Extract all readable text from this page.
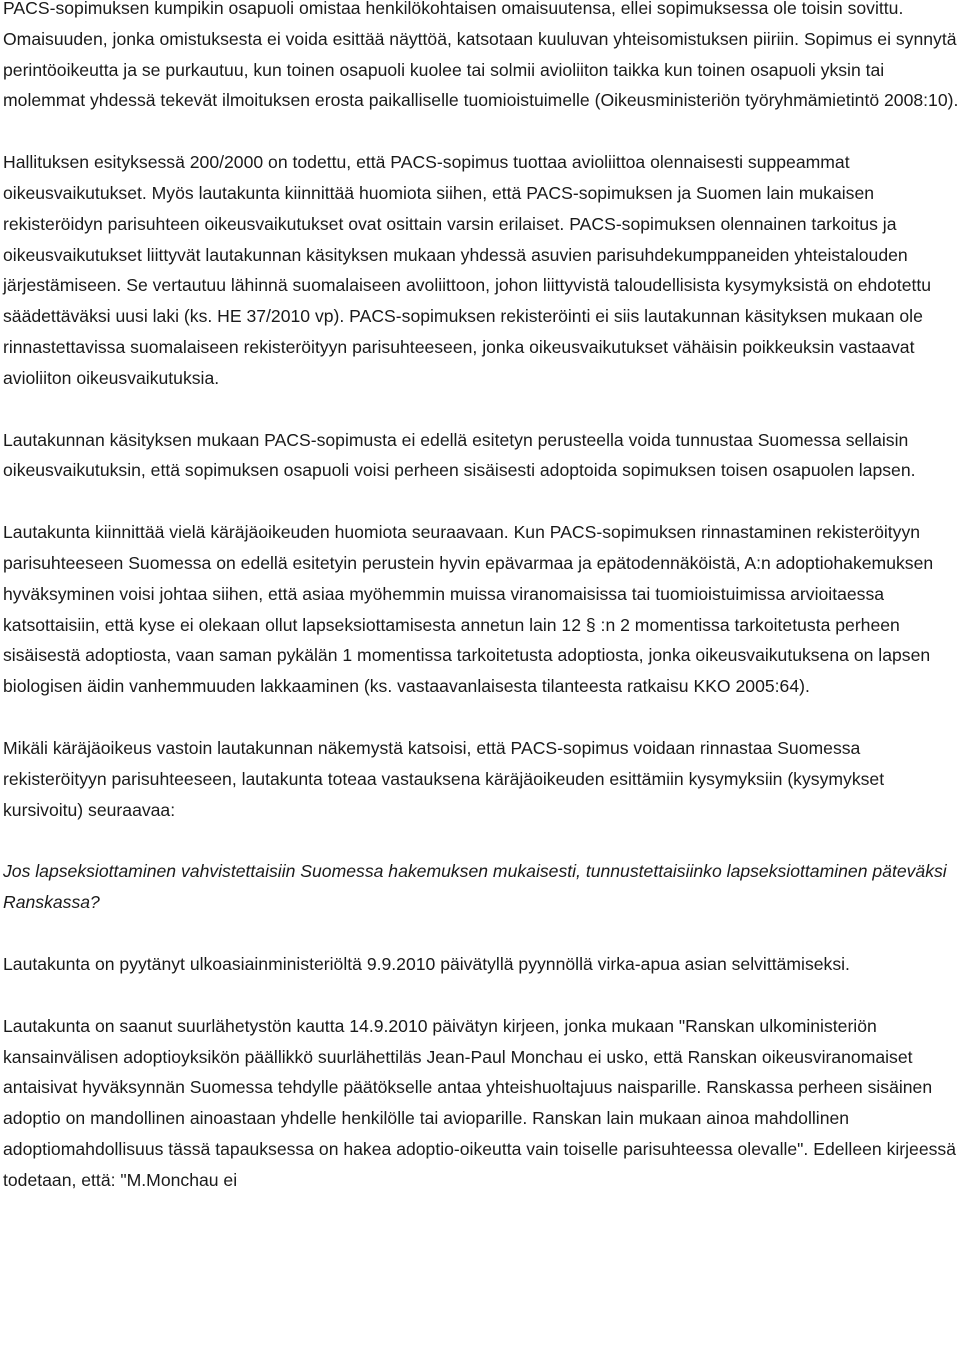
PACS-sopimuksen kumpikin osapuoli omistaa henkilökohtaisen omaisuutensa, ellei sopimuksessa ole toisin sovittu. Omaisuuden, jonka omistuksesta ei voida esittää näyttöä, katsotaan kuuluvan yhteisomistuksen piiriin. Sopimus ei synnytä perintöoikeutta ja se purkautuu, kun toinen osapuoli kuolee tai solmii avioliiton taikka kun toinen osapuoli yksin tai molemmat yhdessä tekevät ilmoituksen erosta paikalliselle tuomioistuimelle (Oikeusministeriön työryhmämietintö 2008:10).

Hallituksen esityksessä 200/2000 on todettu, että PACS-sopimus tuottaa avioliittoa olennaisesti suppeammat oikeusvaikutukset. Myös lautakunta kiinnittää huomiota siihen, että PACS-sopimuksen ja Suomen lain mukaisen rekisteröidyn parisuhteen oikeusvaikutukset ovat osittain varsin erilaiset. PACS-sopimuksen olennainen tarkoitus ja oikeusvaikutukset liittyvät lautakunnan käsityksen mukaan yhdessä asuvien parisuhdekumppaneiden yhteistalouden järjestämiseen. Se vertautuu lähinnä suomalaiseen avoliittoon, johon liittyvistä taloudellisista kysymyksistä on ehdotettu säädettäväksi uusi laki (ks. HE 37/2010 vp). PACS-sopimuksen rekisteröinti ei siis lautakunnan käsityksen mukaan ole rinnastettavissa suomalaiseen rekisteröityyn parisuhteeseen, jonka oikeusvaikutukset vähäisin poikkeuksin vastaavat avioliiton oikeusvaikutuksia.

Lautakunnan käsityksen mukaan PACS-sopimusta ei edellä esitetyn perusteella voida tunnustaa Suomessa sellaisin oikeusvaikutuksin, että sopimuksen osapuoli voisi perheen sisäisesti adoptoida sopimuksen toisen osapuolen lapsen.

Lautakunta kiinnittää vielä käräjäoikeuden huomiota seuraavaan. Kun PACS-sopimuksen rinnastaminen rekisteröityyn parisuhteeseen Suomessa on edellä esitetyin perustein hyvin epävarmaa ja epätodennäköistä, A:n adoptiohakemuksen hyväksyminen voisi johtaa siihen, että asiaa myöhemmin muissa viranomaisissa tai tuomioistuimissa arvioitaessa katsottaisiin, että kyse ei olekaan ollut lapseksiottamisesta annetun lain 12 § :n 2 momentissa tarkoitetusta perheen sisäisestä adoptiosta, vaan saman pykälän 1 momentissa tarkoitetusta adoptiosta, jonka oikeusvaikutuksena on lapsen biologisen äidin vanhemmuuden lakkaaminen (ks. vastaavanlaisesta tilanteesta ratkaisu KKO 2005:64).

Mikäli käräjäoikeus vastoin lautakunnan näkemystä katsoisi, että PACS-sopimus voidaan rinnastaa Suomessa rekisteröityyn parisuhteeseen, lautakunta toteaa vastauksena käräjäoikeuden esittämiin kysymyksiin (kysymykset kursivoitu) seuraavaa:

Jos lapseksiottaminen vahvistettaisiin Suomessa hakemuksen mukaisesti, tunnustettaisiinko lapseksiottaminen päteväksi Ranskassa?

Lautakunta on pyytänyt ulkoasiainministeriöltä 9.9.2010 päivätyllä pyynnöllä virka-apua asian selvittämiseksi.

Lautakunta on saanut suurlähetystön kautta 14.9.2010 päivätyn kirjeen, jonka mukaan "Ranskan ulkoministeriön kansainvälisen adoptioyksikön päällikkö suurlähettiläs Jean-Paul Monchau ei usko, että Ranskan oikeusviranomaiset antaisivat hyväksynnän Suomessa tehdylle päätökselle antaa yhteishuoltajuus naisparille. Ranskassa perheen sisäinen adoptio on mandollinen ainoastaan yhdelle henkilölle tai avioparille. Ranskan lain mukaan ainoa mahdollinen adoptiomahdollisuus tässä tapauksessa on hakea adoptio-oikeutta vain toiselle parisuhteessa olevalle". Edelleen kirjeessä todetaan, että: "M.Monchau ei
